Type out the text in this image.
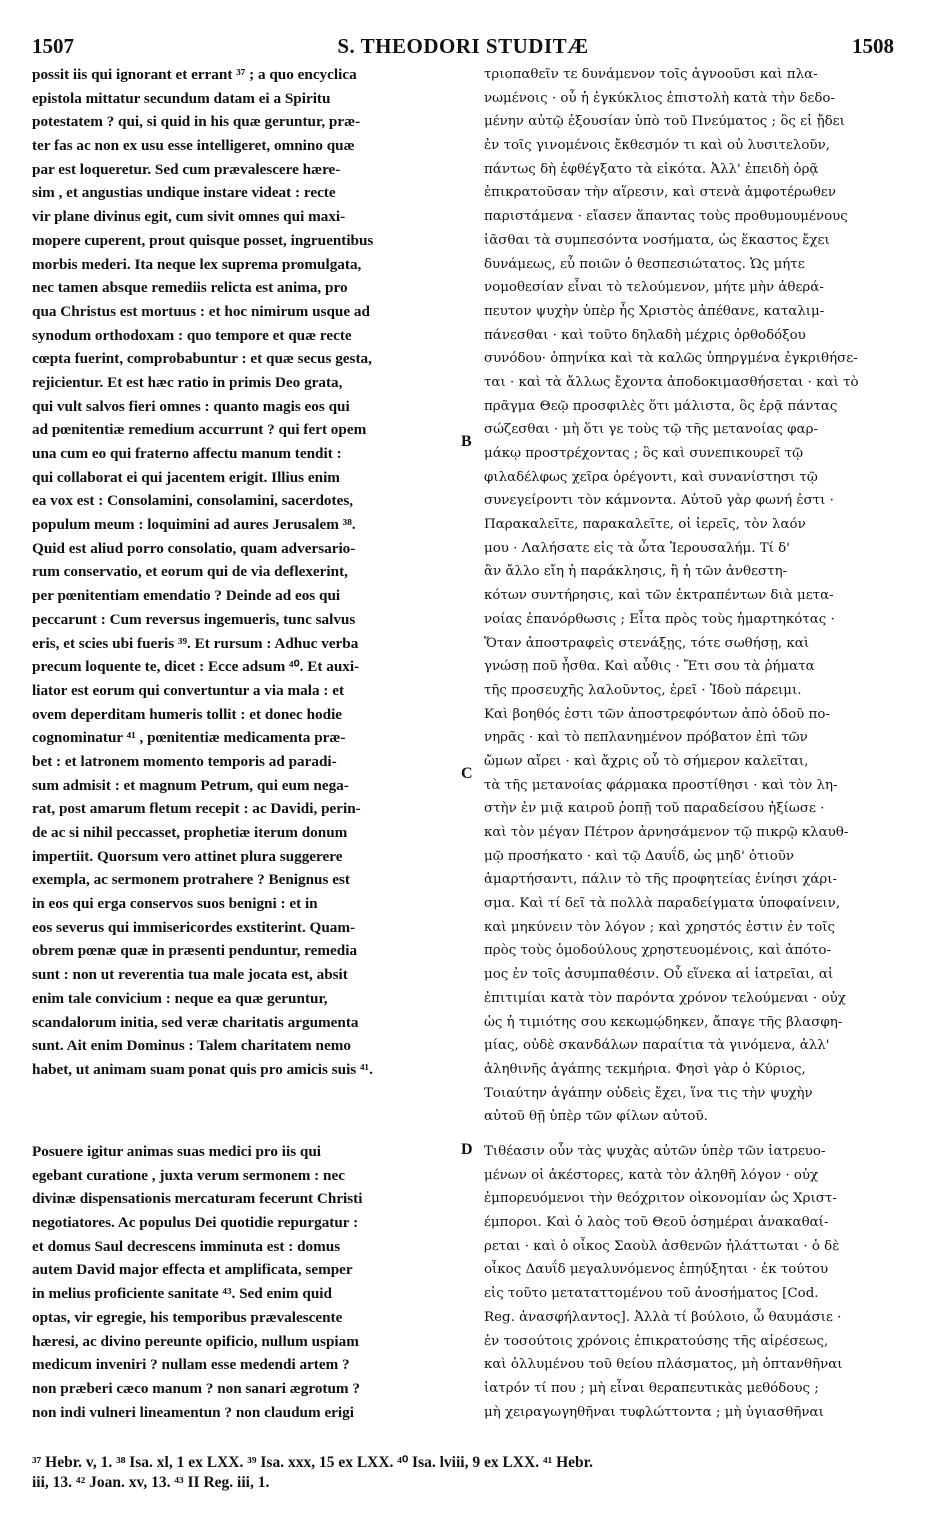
1507	S. THEODORI STUDITÆ	1508
possit iis qui ignorant et errant ³⁷ ; a quo encyclica
epistola mittatur secundum datam ei a Spiritu
potestatem ? qui, si quid in his quæ geruntur, præ-
ter fas ac non ex usu esse intelligeret, omnino quæ
par est loqueretur. Sed cum prævalescere hære-
sim , et angustias undique instare videat : recte
vir plane divinus egit, cum sivit omnes qui maxi-
mopere cuperent, prout quisque posset, ingruentibus
morbis mederi. Ita neque lex suprema promulgata,
nec tamen absque remediis relicta est anima, pro
qua Christus est mortuus : et hoc nimirum usque ad
synodum orthodoxam : quo tempore et quæ recte
cœpta fuerint, comprobabuntur : et quæ secus gesta,
rejicientur. Et est hæc ratio in primis Deo grata,
qui vult salvos fieri omnes : quanto magis eos qui
ad pœnitentiæ remedium accurrunt ? qui fert opem
una cum eo qui fraterno affectu manum tendit :
qui collaborat ei qui jacentem erigit. Illius enim
ea vox est : Consolamini, consolamini, sacerdotes,
populum meum : loquimini ad aures Jerusalem ³⁸.
Quid est aliud porro consolatio, quam adversario-
rum conservatio, et eorum qui de via deflexerint,
per pœnitentiam emendatio ? Deinde ad eos qui
peccarunt : Cum reversus ingemueris, tunc salvus
eris, et scies ubi fueris ³⁹. Et rursum : Adhuc verba
precum loquente te, dicet : Ecce adsum ⁴⁰. Et auxi-
liator est eorum qui convertuntur a via mala : et
ovem deperditam humeris tollit : et donec hodie
cognominatur ⁴¹ , pœnitentiæ medicamenta præ-
bet : et latronem momento temporis ad paradi-
sum admisit : et magnum Petrum, qui eum nega-
rat, post amarum fletum recepit : ac Davidi, perin-
de ac si nihil peccasset, prophetiæ iterum donum
impertiit. Quorsum vero attinet plura suggerere
exempla, ac sermonem protrahere ? Benignus est
in eos qui erga conservos suos benigni : et in
eos severus qui immisericordes exstiterint. Quam-
obrem pœnæ quæ in præsenti penduntur, remedia
sunt : non ut reverentia tua male jocata est, absit
enim tale convicium : neque ea quæ geruntur,
scandalorum initia, sed veræ charitatis argumenta
sunt. Ait enim Dominus : Talem charitatem nemo
habet, ut animam suam ponat quis pro amicis suis ⁴¹.
Posuere igitur animas suas medici pro iis qui
egebant curatione , juxta verum sermonem : nec
divinæ dispensationis mercaturam fecerunt Christi
negotiatores. Ac populus Dei quotidie repurgatur :
et domus Saul decrescens imminuta est : domus
autem David major effecta et amplificata, semper
in melius proficiente sanitate ⁴³. Sed enim quid
optas, vir egregie, his temporibus prævalescente
hæresi, ac divino pereunte opificio, nullum uspiam
medicum inveniri ? nullam esse medendi artem ?
non præberi cæco manum ? non sanari ægrotum ?
non indi vulneri lineamentun ? non claudum erigi
τριοπαθεῖν τε δυνάμενον τοῖς ἀγνοοῦσι καὶ πλα-
νωμένοις · οὗ ἡ ἐγκύκλιος ἐπιστολὴ κατὰ τὴν δεδο-
μένην αὐτῷ ἐξουσίαν ὑπὸ τοῦ Πνεύματος ; ὃς εἰ ᾔδει
ἐν τοῖς γινομένοις ἔκθεσμόν τι καὶ οὐ λυσιτελοῦν,
πάντως δὴ ἐφθέγξατο τὰ εἰκότα. Ἀλλ' ἐπειδὴ ὁρᾷ
ἐπικρατοῦσαν τὴν αἵρεσιν, καὶ στενὰ ἀμφοτέρωθεν
παριστάμενα · εἴασεν ἅπαντας τοὺς προθυμουμένους
ἰᾶσθαι τὰ συμπεσόντα νοσήματα, ὡς ἕκαστος ἔχει
δυνάμεως, εὖ ποιῶν ὁ θεσπεσιώτατος. Ὡς μήτε
νομοθεσίαν εἶναι τὸ τελούμενον, μήτε μὴν ἀθερά-
πευτον ψυχὴν ὑπὲρ ἧς Χριστὸς ἀπέθανε, καταλιμ-
πάνεσθαι · καὶ τοῦτο δηλαδὴ μέχρις ὀρθοδόξου
συνόδου· ὁπηνίκα καὶ τὰ καλῶς ὑπηργμένα ἐγκριθήσε-
ται · καὶ τὰ ἄλλως ἔχοντα ἀποδοκιμασθήσεται · καὶ τὸ
πρᾶγμα Θεῷ προσφιλὲς ὅτι μάλιστα, ὃς ἐρᾷ πάντας
σώζεσθαι · μὴ ὅτι γε τοὺς τῷ τῆς μετανοίας φαρ-
μάκῳ προστρέχοντας ; ὃς καὶ συνεπικουρεῖ τῷ
φιλαδέλφως χεῖρα ὀρέγοντι, καὶ συνανίστησι τῷ
συνεγείροντι τὸν κάμνοντα. Αὐτοῦ γὰρ φωνή ἐστι ·
Παρακαλεῖτε, παρακαλεῖτε, οἱ ἱερεῖς, τὸν λαόν
μου · Λαλήσατε εἰς τὰ ὦτα Ἱερουσαλήμ. Τί δ'
ἂν ἄλλο εἴη ἡ παράκλησις, ἢ ἡ τῶν ἀνθεστη-
κότων συντήρησις, καὶ τῶν ἐκτραπέντων διὰ μετα-
νοίας ἐπανόρθωσις ; Εἶτα πρὸς τοὺς ἡμαρτηκότας ·
Ὅταν ἀποστραφεὶς στενάξῃς, τότε σωθήσῃ, καὶ
γνώσῃ ποῦ ἦσθα. Καὶ αὖθις · Ἔτι σου τὰ ῥήματα
τῆς προσευχῆς λαλοῦντος, ἐρεῖ · Ἰδοὺ πάρειμι.
Καὶ βοηθός ἐστι τῶν ἀποστρεφόντων ἀπὸ ὁδοῦ πο-
νηρᾶς · καὶ τὸ πεπλανημένον πρόβατον ἐπὶ τῶν
ὤμων αἴρει · καὶ ἄχρις οὗ τὸ σήμερον καλεῖται,
τὰ τῆς μετανοίας φάρμακα προστίθησι · καὶ τὸν λη-
στὴν ἐν μιᾷ καιροῦ ῥοπῇ τοῦ παραδείσου ἠξίωσε ·
καὶ τὸν μέγαν Πέτρον ἀρνησάμενον τῷ πικρῷ κλαυθ-
μῷ προσήκατο · καὶ τῷ Δαυΐδ, ὡς μηδ' ὁτιοῦν
ἁμαρτήσαντι, πάλιν τὸ τῆς προφητείας ἐνίησι χάρι-
σμα. Καὶ τί δεῖ τὰ πολλὰ παραδείγματα ὑποφαίνειν,
καὶ μηκύνειν τὸν λόγον ; καὶ χρηστός ἐστιν ἐν τοῖς
πρὸς τοὺς ὁμοδούλους χρηστευομένοις, καὶ ἀπότο-
μος ἐν τοῖς ἀσυμπαθέσιν. Οὗ εἵνεκα αἱ ἰατρεῖαι, αἱ
ἐπιτιμίαι κατὰ τὸν παρόντα χρόνον τελούμεναι · οὐχ
ὡς ἡ τιμιότης σου κεκωμῴδηκεν, ἄπαγε τῆς βλασφη-
μίας, οὐδὲ σκανδάλων παραίτια τὰ γινόμενα, ἀλλ'
ἀληθινῆς ἀγάπης τεκμήρια. Φησὶ γὰρ ὁ Κύριος,
Τοιαύτην ἀγάπην οὐδεὶς ἔχει, ἵνα τις τὴν ψυχὴν
αὐτοῦ θῇ ὑπὲρ τῶν φίλων αὐτοῦ.
Τιθέασιν οὖν τὰς ψυχὰς αὐτῶν ὑπὲρ τῶν ἰατρευο-
μένων οἱ ἀκέστορες, κατὰ τὸν ἀληθῆ λόγον · οὐχ
ἐμπορευόμενοι τὴν θεόχριτον οἰκονομίαν ὡς Χριστ-
έμποροι. Καὶ ὁ λαὸς τοῦ Θεοῦ ὁσημέραι ἀνακαθαί-
ρεται · καὶ ὁ οἶκος Σαοὺλ ἀσθενῶν ἠλάττωται · ὁ δὲ
οἶκος Δαυΐδ μεγαλυνόμενος ἐπηύξηται · ἐκ τούτου
εἰς τοῦτο μεταταττομένου τοῦ ἀνοσήματος [Cod.
Reg. ἀνασφήλαντος]. Ἀλλὰ τί βούλοιο, ὦ θαυμάσιε ·
ἐν τοσούτοις χρόνοις ἐπικρατούσης τῆς αἱρέσεως,
καὶ ὀλλυμένου τοῦ θείου πλάσματος, μὴ ὀπτανθῆναι
ἰατρόν τί που ; μὴ εἶναι θεραπευτικὰς μεθόδους ;
μὴ χειραγωγηθῆναι τυφλώττοντα ; μὴ ὑγιασθῆναι
B
C
D
³⁷ Hebr. v, 1. ³⁸ Isa. xl, 1 ex LXX. ³⁹ Isa. xxx, 15 ex LXX. ⁴⁰ Isa. lviii, 9 ex LXX. ⁴¹ Hebr.
iii, 13. ⁴² Joan. xv, 13. ⁴³ II Reg. iii, 1.
